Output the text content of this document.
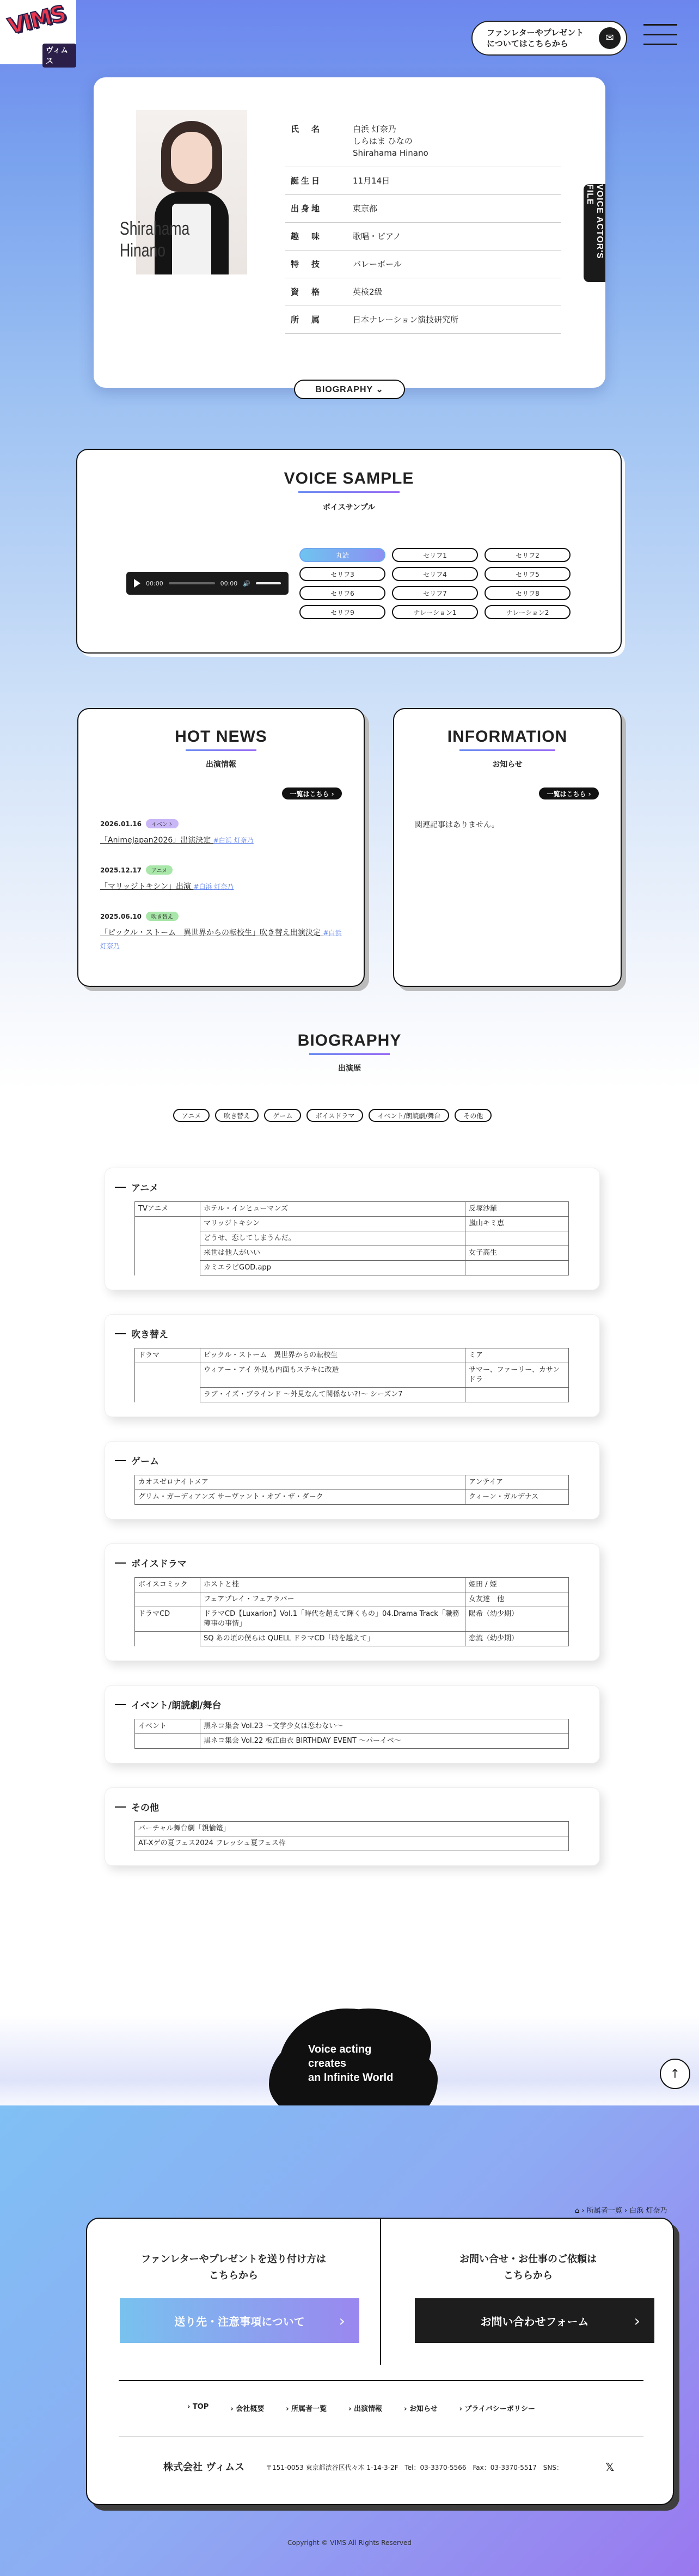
VIMS
ヴィムス
ファンレターやプレゼント
についてはこちらから	✉
Shirahama
Hinano
氏　名	白浜 灯奈乃
しらはま ひなの
Shirahama Hinano
誕生日	11月14日
出身地	東京都
趣　味	歌唱・ピアノ
特　技	バレーボール
資　格	英検2級
所　属	日本ナレーション演技研究所
VOICE ACTOR'S FILE
BIOGRAPHY ⌄
VOICE SAMPLE
ボイスサンプル
00:00	00:00 🔊
丸読	セリフ1	セリフ2
セリフ3	セリフ4	セリフ5
セリフ6	セリフ7	セリフ8
セリフ9	ナレーション1	ナレーション2
HOT NEWS
出演情報
一覧はこちら ›
2026.01.16	イベント
「AnimeJapan2026」出演決定 #白浜 灯奈乃
2025.12.17	アニメ
「マリッジトキシン」出演 #白浜 灯奈乃
2025.06.10	吹き替え
「ピックル・ストーム　異世界からの転校生」吹き替え出演決定 #白浜 灯奈乃
INFORMATION
お知らせ
一覧はこちら ›
関連記事はありません。
BIOGRAPHY
出演歴
アニメ	吹き替え	ゲーム	ボイスドラマ	イベント/朗読劇/舞台	その他
アニメ
TVアニメ	ホテル・インヒューマンズ	反塚沙羅
	マリッジトキシン	嵐山キミ恵
	どうせ、恋してしまうんだ。	
	来世は他人がいい	女子高生
	カミエラビGOD.app	
吹き替え
ドラマ	ピックル・ストーム　異世界からの転校生	ミア
	ウィアー・アイ 外見も内面もステキに改造	サマー、ファーリー、カサンドラ
	ラブ・イズ・ブラインド 〜外見なんて関係ない?!〜 シーズン7	
ゲーム
カオスゼロナイトメア	アンテイア
グリム・ガーディアンズ サーヴァント・オブ・ザ・ダーク	クィーン・ガルデナス
ボイスドラマ
ボイスコミック	ホストと桂	姫田 / 姫
	フェアプレイ・フェアラバー	女友達　他
ドラマCD	ドラマCD【Luxarion】Vol.1「時代を超えて輝くもの」04.Drama Track「職務簿事の事情」	陽希（幼少期）
	SQ あの頃の僕らは QUELL ドラマCD「時を越えて」	恋流（幼少期）
イベント/朗読劇/舞台
イベント	黒ネコ集会 Vol.23 〜文学少女は恋わない〜
	黒ネコ集会 Vol.22 板江由衣 BIRTHDAY EVENT 〜パーイベ〜
その他
バーチャル舞台劇「親愉篭」
AT-Xゲの夏フェス2024 フレッシュ夏フェス枠
Voice acting
creates
an Infinite World	↑
⌂ › 所属者一覧 › 白浜 灯奈乃
ファンレターやプレゼントを送り付け方は
こちらから
送り先・注意事項について ›
お問い合せ・お仕事のご依頼は
こちらから
お問い合わせフォーム	›
› TOP	› 会社概要	› 所属者一覧	› 出演情報	› お知らせ	› プライバシーポリシー
株式会社 ヴィムス	〒151-0053 東京都渋谷区代々木 1-14-3-2F　Tel：03-3370-5566　Fax：03-3370-5517　SNS：	𝕏
Copyright © VIMS All Rights Reserved
